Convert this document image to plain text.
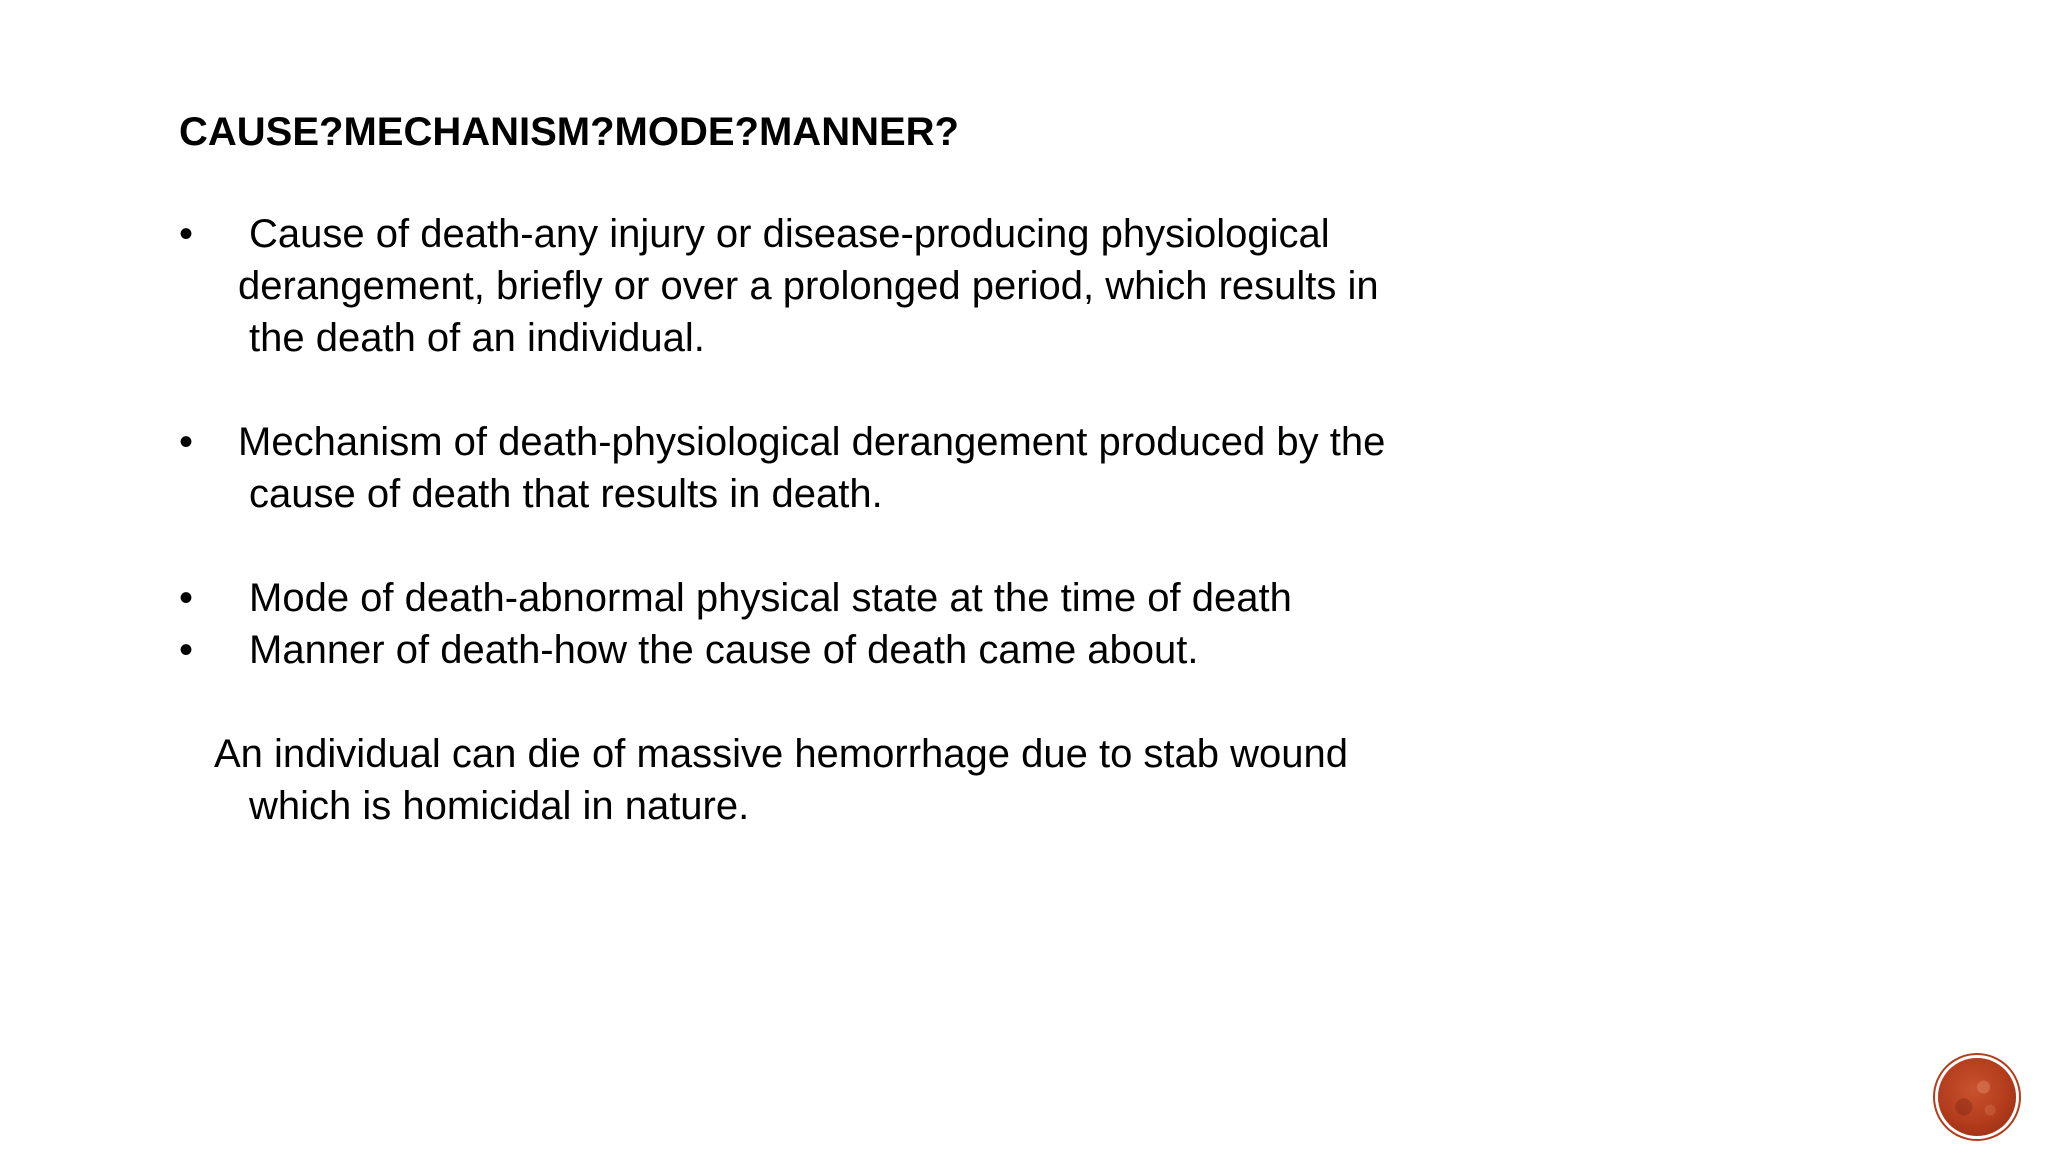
CAUSE?MECHANISM?MODE?MANNER?
• Cause of death-any injury or disease-producing physiological
derangement, briefly or over a prolonged period, which results in
the death of an individual.
• Mechanism of death-physiological derangement produced by the
cause of death that results in death.
• Mode of death-abnormal physical state at the time of death
• Manner of death-how the cause of death came about.
An individual can die of massive hemorrhage due to stab wound
which is homicidal in nature.
